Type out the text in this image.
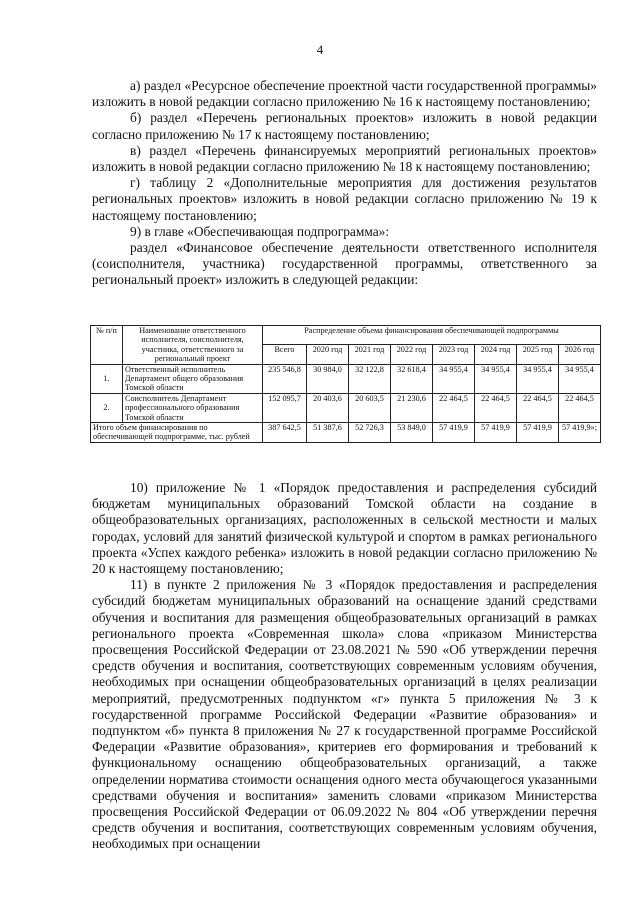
4

а) раздел «Ресурсное обеспечение проектной части государственной программы» изложить в новой редакции согласно приложению № 16 к настоящему постановлению;

б) раздел «Перечень региональных проектов» изложить в новой редакции согласно приложению № 17 к настоящему постановлению;

в) раздел «Перечень финансируемых мероприятий региональных проектов» изложить в новой редакции согласно приложению № 18 к настоящему постановлению;

г) таблицу 2 «Дополнительные мероприятия для достижения результатов региональных проектов» изложить в новой редакции согласно приложению № 19 к настоящему постановлению;

9) в главе «Обеспечивающая подпрограмма»:

раздел «Финансовое обеспечение деятельности ответственного исполнителя (соисполнителя, участника) государственной программы, ответственного за региональный проект» изложить в следующей редакции:

№ п/п	Наименование ответственного исполнителя, соисполнителя, участника, ответственного за региональный проект	Распределение объема финансирования обеспечивающей подпрограммы							
		Всего	2020 год	2021 год	2022 год	2023 год	2024 год	2025 год	2026 год
1.	Ответственный исполнитель Департамент общего образования Томской области	235 546,8	30 984,0	32 122,8	32 618,4	34 955,4	34 955,4	34 955,4	34 955,4
2.	Соисполнитель Департамент профессионального образования Томской области	152 095,7	20 403,6	20 603,5	21 230,6	22 464,5	22 464,5	22 464,5	22 464,5
Итого объем финансирования по обеспечивающей подпрограмме, тыс. рублей		387 642,5	51 387,6	52 726,3	53 849,0	57 419,9	57 419,9	57 419,9	57 419,9»;

10) приложение № 1 «Порядок предоставления и распределения субсидий бюджетам муниципальных образований Томской области на создание в общеобразовательных организациях, расположенных в сельской местности и малых городах, условий для занятий физической культурой и спортом в рамках регионального проекта «Успех каждого ребенка» изложить в новой редакции согласно приложению № 20 к настоящему постановлению;

11) в пункте 2 приложения № 3 «Порядок предоставления и распределения субсидий бюджетам муниципальных образований на оснащение зданий средствами обучения и воспитания для размещения общеобразовательных организаций в рамках регионального проекта «Современная школа» слова «приказом Министерства просвещения Российской Федерации от 23.08.2021 № 590 «Об утверждении перечня средств обучения и воспитания, соответствующих современным условиям обучения, необходимых при оснащении общеобразовательных организаций в целях реализации мероприятий, предусмотренных подпунктом «г» пункта 5 приложения № 3 к государственной программе Российской Федерации «Развитие образования» и подпунктом «б» пункта 8 приложения № 27 к государственной программе Российской Федерации «Развитие образования», критериев его формирования и требований к функциональному оснащению общеобразовательных организаций, а также определении норматива стоимости оснащения одного места обучающегося указанными средствами обучения и воспитания» заменить словами «приказом Министерства просвещения Российской Федерации от 06.09.2022 № 804 «Об утверждении перечня средств обучения и воспитания, соответствующих современным условиям обучения, необходимых при оснащении
